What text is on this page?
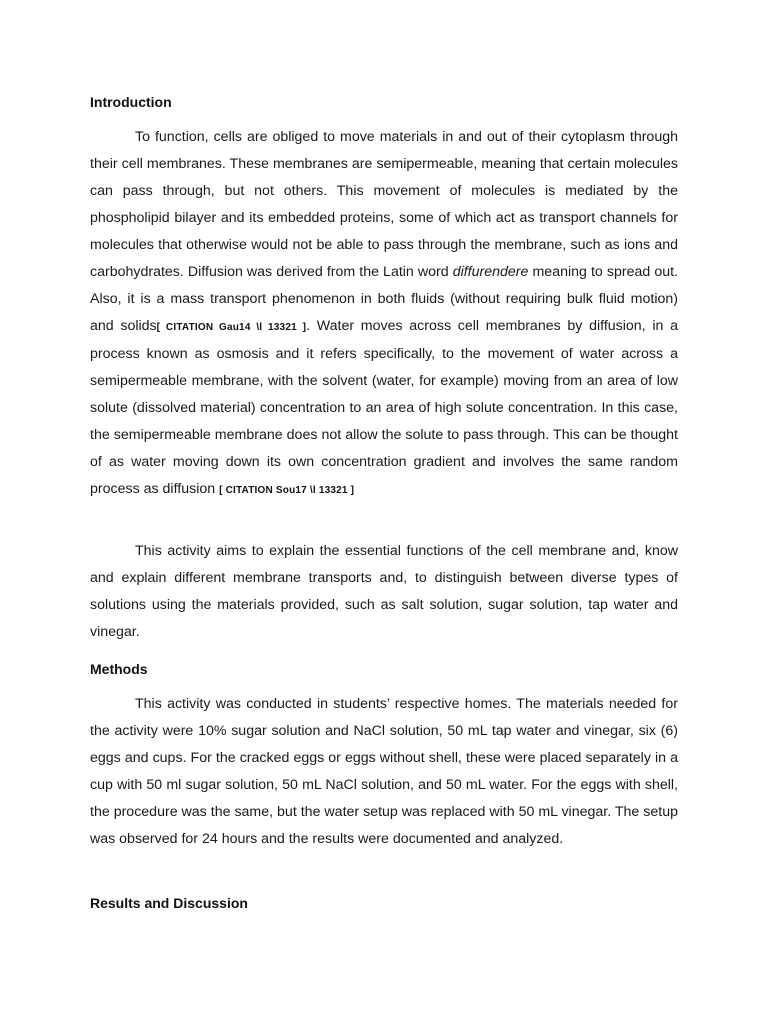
Introduction

To function, cells are obliged to move materials in and out of their cytoplasm through their cell membranes. These membranes are semipermeable, meaning that certain molecules can pass through, but not others. This movement of molecules is mediated by the phospholipid bilayer and its embedded proteins, some of which act as transport channels for molecules that otherwise would not be able to pass through the membrane, such as ions and carbohydrates. Diffusion was derived from the Latin word diffurendere meaning to spread out. Also, it is a mass transport phenomenon in both fluids (without requiring bulk fluid motion) and solids[ CITATION Gau14 \l 13321 ]. Water moves across cell membranes by diffusion, in a process known as osmosis and it refers specifically, to the movement of water across a semipermeable membrane, with the solvent (water, for example) moving from an area of low solute (dissolved material) concentration to an area of high solute concentration. In this case, the semipermeable membrane does not allow the solute to pass through. This can be thought of as water moving down its own concentration gradient and involves the same random process as diffusion [ CITATION Sou17 \l 13321 ]

This activity aims to explain the essential functions of the cell membrane and, know and explain different membrane transports and, to distinguish between diverse types of solutions using the materials provided, such as salt solution, sugar solution, tap water and vinegar.

Methods

This activity was conducted in students’ respective homes. The materials needed for the activity were 10% sugar solution and NaCl solution, 50 mL tap water and vinegar, six (6) eggs and cups. For the cracked eggs or eggs without shell, these were placed separately in a cup with 50 ml sugar solution, 50 mL NaCl solution, and 50 mL water. For the eggs with shell, the procedure was the same, but the water setup was replaced with 50 mL vinegar. The setup was observed for 24 hours and the results were documented and analyzed.

Results and Discussion
